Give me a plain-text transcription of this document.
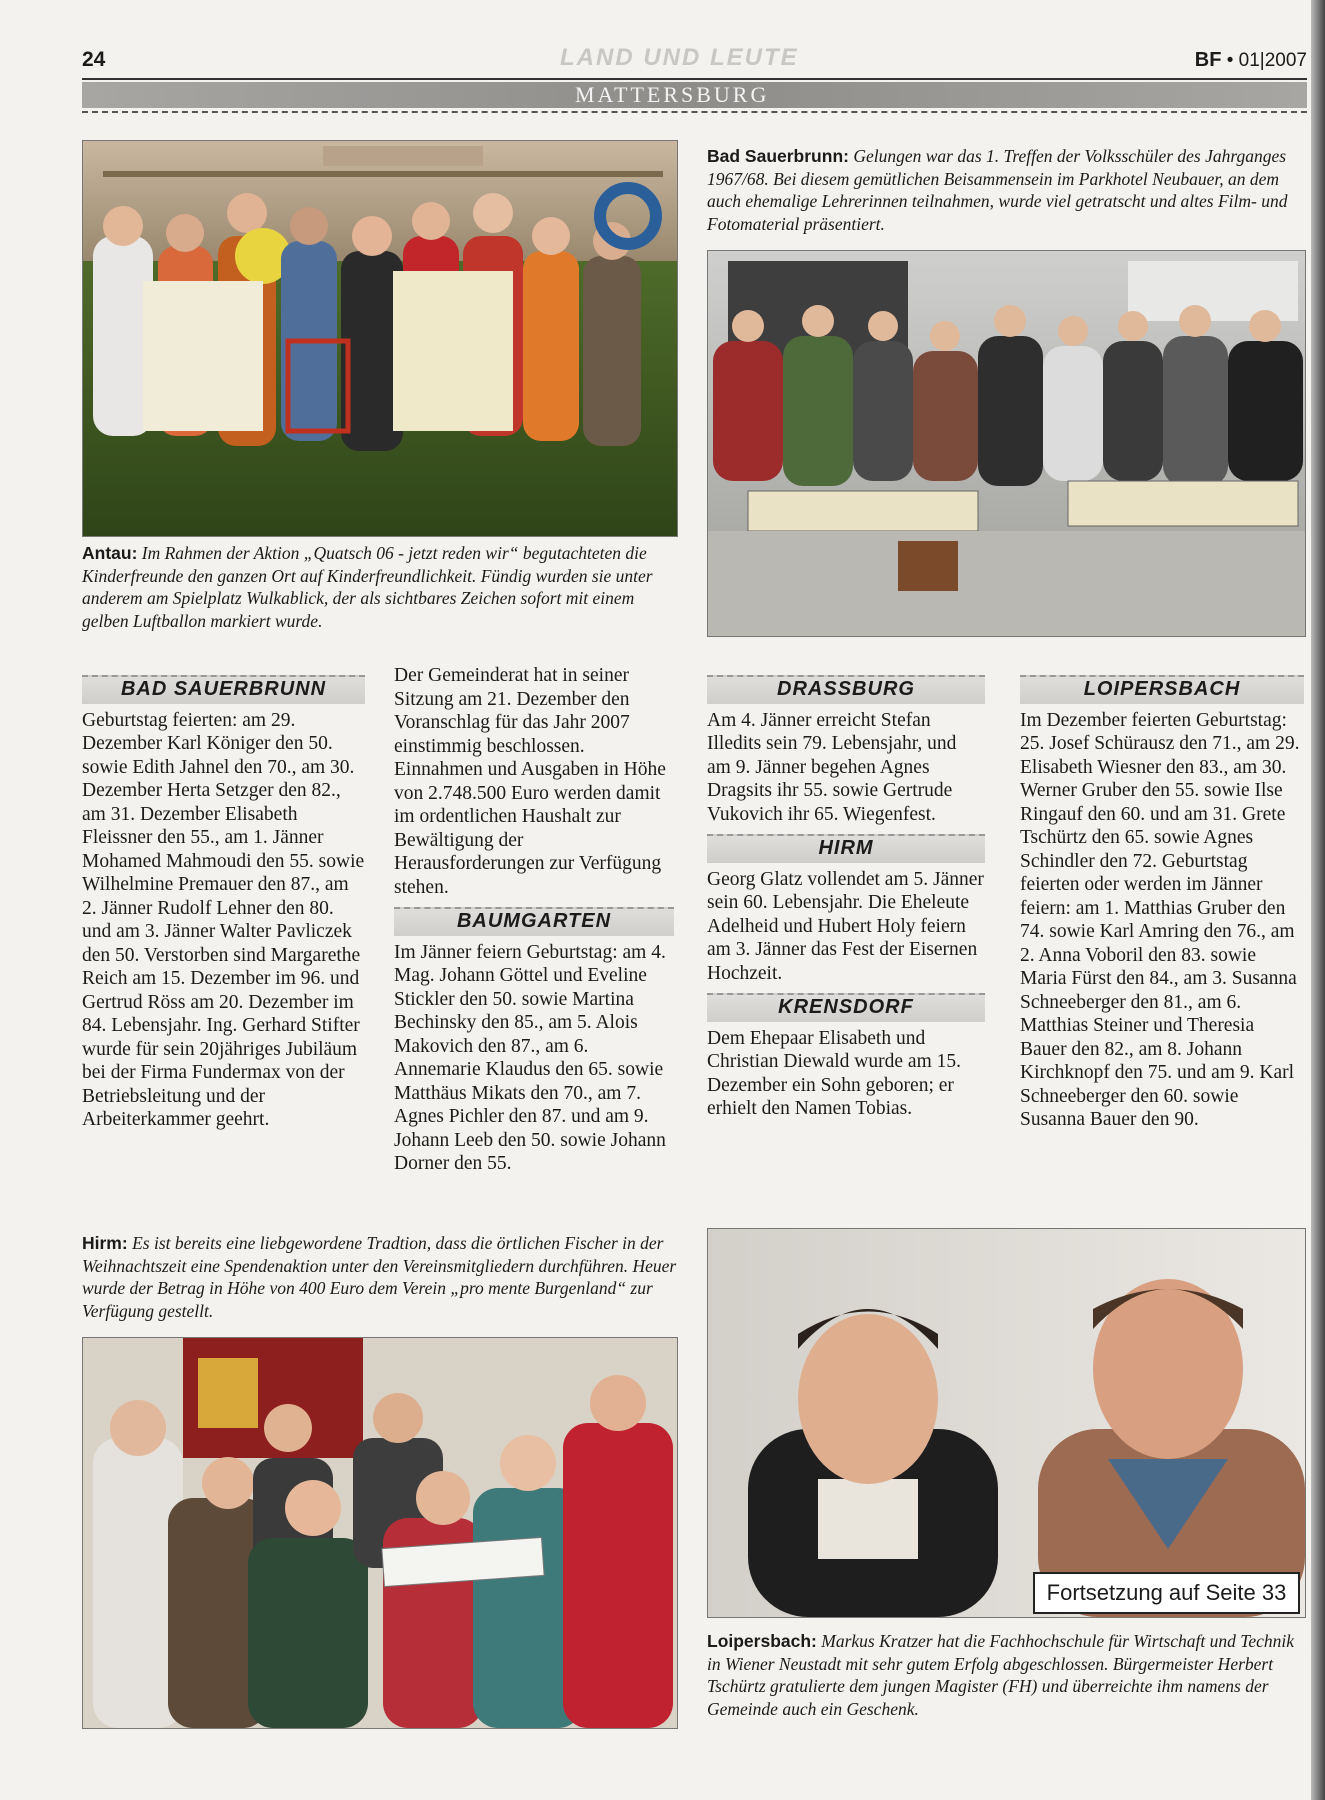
24	LAND UND LEUTE	BF • 01|2007
MATTERSBURG
Antau: Im Rahmen der Aktion „Quatsch 06 - jetzt reden wir“ begutachteten die Kinderfreunde den ganzen Ort auf Kinderfreundlichkeit. Fündig wurden sie unter anderem am Spielplatz Wulkablick, der als sichtbares Zeichen sofort mit einem gelben Luftballon markiert wurde.
Bad Sauerbrunn: Gelungen war das 1. Treffen der Volksschüler des Jahrganges 1967/68. Bei diesem gemütlichen Beisammensein im Parkhotel Neubauer, an dem auch ehemalige Lehrerinnen teilnahmen, wurde viel getratscht und altes Film- und Fotomaterial präsentiert.
BAD SAUERBRUNN

Geburtstag feierten: am 29. Dezember Karl Königer den 50. sowie Edith Jahnel den 70., am 30. Dezember Herta Setzger den 82., am 31. Dezember Elisabeth Fleissner den 55., am 1. Jänner Mohamed Mahmoudi den 55. sowie Wilhelmine Premauer den 87., am 2. Jänner Rudolf Lehner den 80. und am 3. Jänner Walter Pavliczek den 50. Verstorben sind Margarethe Reich am 15. Dezember im 96. und Gertrud Röss am 20. Dezember im 84. Lebensjahr. Ing. Gerhard Stifter wurde für sein 20jähriges Jubiläum bei der Firma Fundermax von der Betriebsleitung und der Arbeiterkammer geehrt.

Der Gemeinderat hat in seiner Sitzung am 21. Dezember den Voranschlag für das Jahr 2007 einstimmig beschlossen. Einnahmen und Ausgaben in Höhe von 2.748.500 Euro werden damit im ordentlichen Haushalt zur Bewältigung der Herausforderungen zur Verfügung stehen.

BAUMGARTEN

Im Jänner feiern Geburtstag: am 4. Mag. Johann Göttel und Eveline Stickler den 50. sowie Martina Bechinsky den 85., am 5. Alois Makovich den 87., am 6. Annemarie Klaudus den 65. sowie Matthäus Mikats den 70., am 7. Agnes Pichler den 87. und am 9. Johann Leeb den 50. sowie Johann Dorner den 55.

DRASSBURG

Am 4. Jänner erreicht Stefan Illedits sein 79. Lebensjahr, und am 9. Jänner begehen Agnes Dragsits ihr 55. sowie Gertrude Vukovich ihr 65. Wiegenfest.

HIRM

Georg Glatz vollendet am 5. Jänner sein 60. Lebensjahr. Die Eheleute Adelheid und Hubert Holy feiern am 3. Jänner das Fest der Eisernen Hochzeit.

KRENSDORF

Dem Ehepaar Elisabeth und Christian Diewald wurde am 15. Dezember ein Sohn geboren; er erhielt den Namen Tobias.

LOIPERSBACH

Im Dezember feierten Geburtstag: 25. Josef Schürausz den 71., am 29. Elisabeth Wiesner den 83., am 30. Werner Gruber den 55. sowie Ilse Ringauf den 60. und am 31. Grete Tschürtz den 65. sowie Agnes Schindler den 72. Geburtstag feierten oder werden im Jänner feiern: am 1. Matthias Gruber den 74. sowie Karl Amring den 76., am 2. Anna Voboril den 83. sowie Maria Fürst den 84., am 3. Susanna Schneeberger den 81., am 6. Matthias Steiner und Theresia Bauer den 82., am 8. Johann Kirchknopf den 75. und am 9. Karl Schneeberger den 60. sowie Susanna Bauer den 90.

Hirm: Es ist bereits eine liebgewordene Tradtion, dass die örtlichen Fischer in der Weihnachtszeit eine Spendenaktion unter den Vereinsmitgliedern durchführen. Heuer wurde der Betrag in Höhe von 400 Euro dem Verein „pro mente Burgenland“ zur Verfügung gestellt.
Fortsetzung auf Seite 33
Loipersbach: Markus Kratzer hat die Fachhochschule für Wirtschaft und Technik in Wiener Neustadt mit sehr gutem Erfolg abgeschlossen. Bürgermeister Herbert Tschürtz gratulierte dem jungen Magister (FH) und überreichte ihm namens der Gemeinde auch ein Geschenk.
